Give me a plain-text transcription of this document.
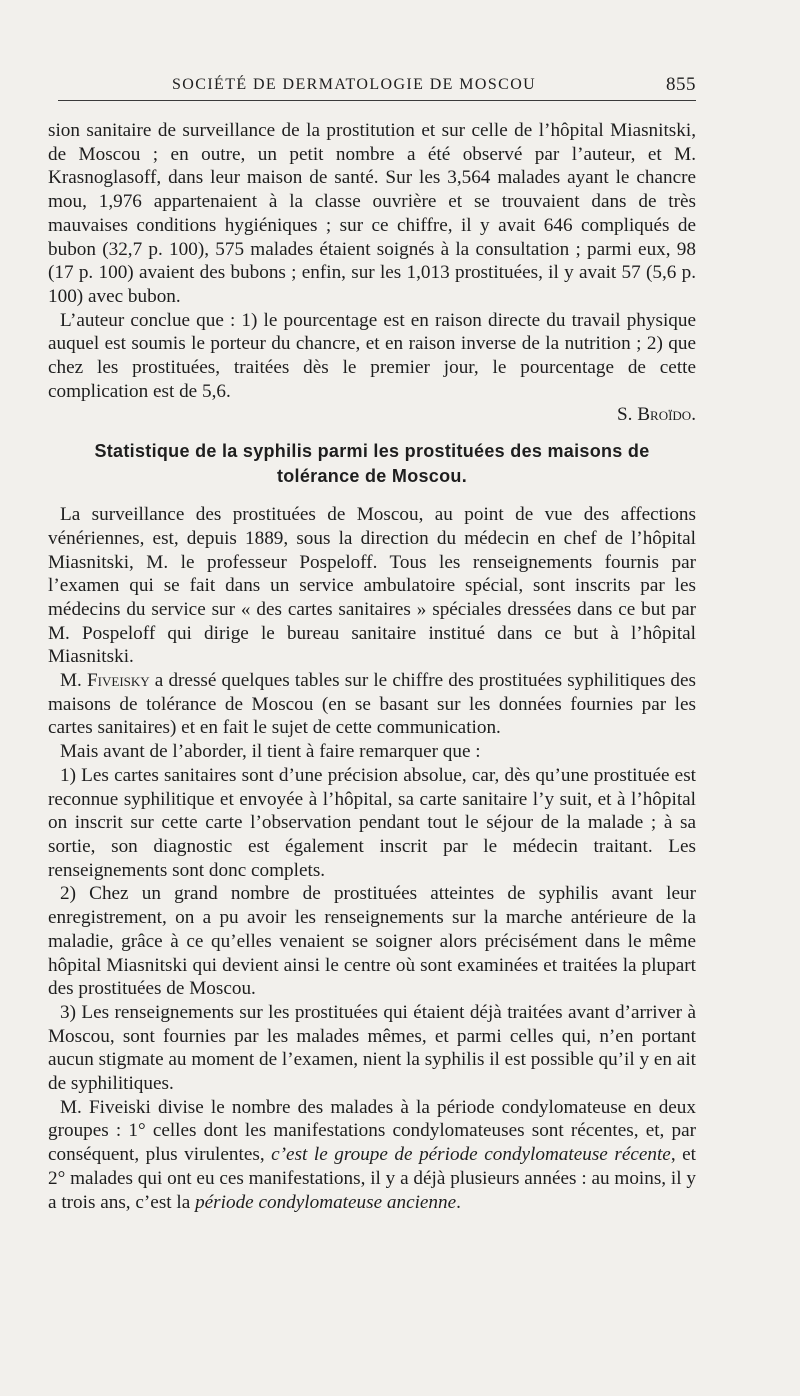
SOCIÉTÉ DE DERMATOLOGIE DE MOSCOU	855

sion sanitaire de surveillance de la prostitution et sur celle de l’hôpital Miasnitski, de Moscou ; en outre, un petit nombre a été observé par l’auteur, et M. Krasnoglasoff, dans leur maison de santé. Sur les 3,564 malades ayant le chancre mou, 1,976 appartenaient à la classe ouvrière et se trouvaient dans de très mauvaises conditions hygiéniques ; sur ce chiffre, il y avait 646 compliqués de bubon (32,7 p. 100), 575 malades étaient soignés à la consultation ; parmi eux, 98 (17 p. 100) avaient des bubons ; enfin, sur les 1,013 prostituées, il y avait 57 (5,6 p. 100) avec bubon.

L’auteur conclue que : 1) le pourcentage est en raison directe du travail physique auquel est soumis le porteur du chancre, et en raison inverse de la nutrition ; 2) que chez les prostituées, traitées dès le premier jour, le pourcentage de cette complication est de 5,6.
S. Broïdo.

Statistique de la syphilis parmi les prostituées des maisons de
tolérance de Moscou.

La surveillance des prostituées de Moscou, au point de vue des affections vénériennes, est, depuis 1889, sous la direction du médecin en chef de l’hôpital Miasnitski, M. le professeur Pospeloff. Tous les renseignements fournis par l’examen qui se fait dans un service ambulatoire spécial, sont inscrits par les médecins du service sur « des cartes sanitaires » spéciales dressées dans ce but par M. Pospeloff qui dirige le bureau sanitaire institué dans ce but à l’hôpital Miasnitski.

M. Fiveisky a dressé quelques tables sur le chiffre des prostituées syphilitiques des maisons de tolérance de Moscou (en se basant sur les données fournies par les cartes sanitaires) et en fait le sujet de cette communication.

Mais avant de l’aborder, il tient à faire remarquer que :

1) Les cartes sanitaires sont d’une précision absolue, car, dès qu’une prostituée est reconnue syphilitique et envoyée à l’hôpital, sa carte sanitaire l’y suit, et à l’hôpital on inscrit sur cette carte l’observation pendant tout le séjour de la malade ; à sa sortie, son diagnostic est également inscrit par le médecin traitant. Les renseignements sont donc complets.

2) Chez un grand nombre de prostituées atteintes de syphilis avant leur enregistrement, on a pu avoir les renseignements sur la marche antérieure de la maladie, grâce à ce qu’elles venaient se soigner alors précisément dans le même hôpital Miasnitski qui devient ainsi le centre où sont examinées et traitées la plupart des prostituées de Moscou.

3) Les renseignements sur les prostituées qui étaient déjà traitées avant d’arriver à Moscou, sont fournies par les malades mêmes, et parmi celles qui, n’en portant aucun stigmate au moment de l’examen, nient la syphilis il est possible qu’il y en ait de syphilitiques.

M. Fiveiski divise le nombre des malades à la période condylomateuse en deux groupes : 1° celles dont les manifestations condylomateuses sont récentes, et, par conséquent, plus virulentes, c’est le groupe de période condylomateuse récente, et 2° malades qui ont eu ces manifestations, il y a déjà plusieurs années : au moins, il y a trois ans, c’est la période condylomateuse ancienne.
